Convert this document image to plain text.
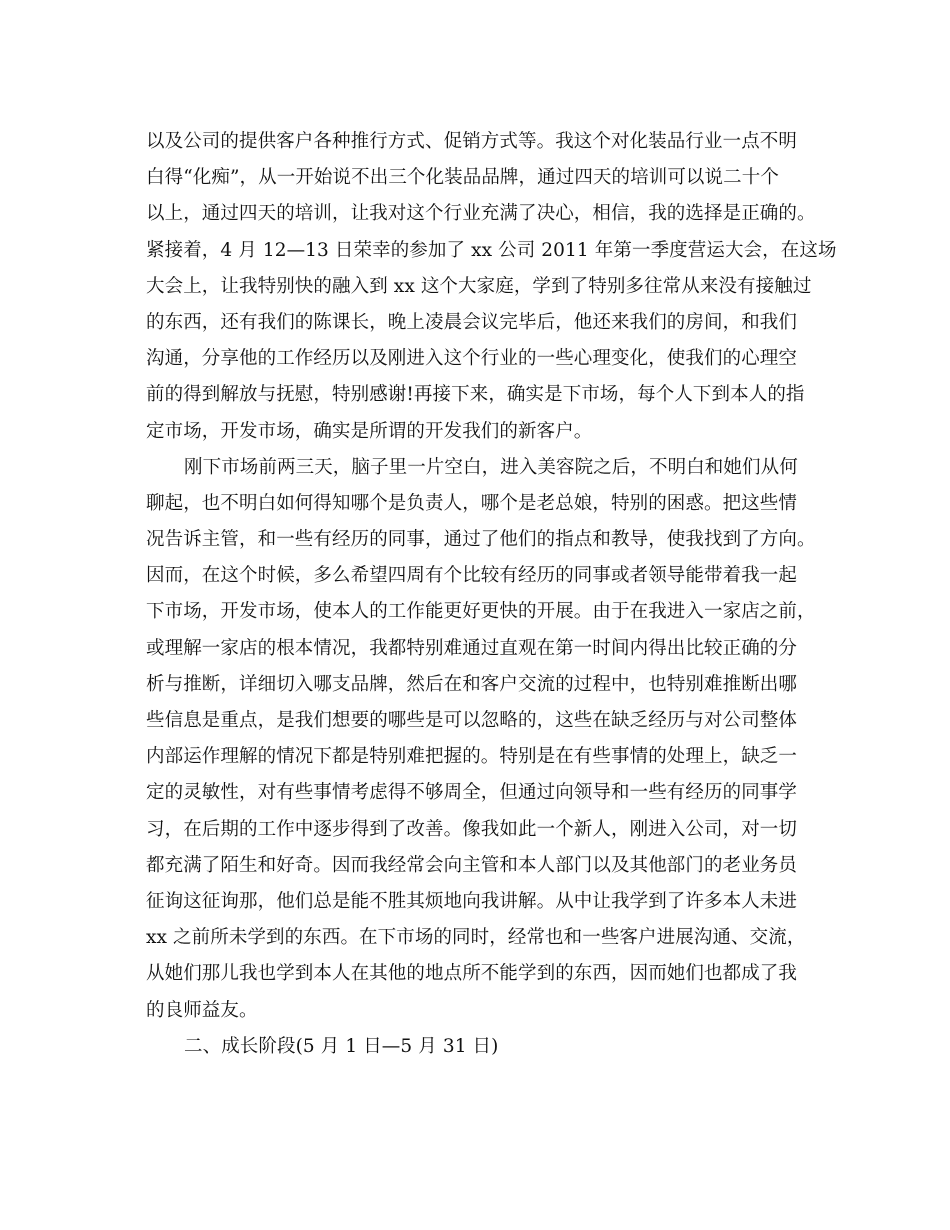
以及公司的提供客户各种推行方式、促销方式等。我这个对化装品行业一点不明
白得“化痴”，从一开始说不出三个化装品品牌，通过四天的培训可以说二十个
以上，通过四天的培训，让我对这个行业充满了决心，相信，我的选择是正确的。
紧接着，4 月 12—13 日荣幸的参加了 xx 公司 2011 年第一季度营运大会，在这场
大会上，让我特别快的融入到 xx 这个大家庭，学到了特别多往常从来没有接触过
的东西，还有我们的陈课长，晚上凌晨会议完毕后，他还来我们的房间，和我们
沟通，分享他的工作经历以及刚进入这个行业的一些心理变化，使我们的心理空
前的得到解放与抚慰，特别感谢!再接下来，确实是下市场，每个人下到本人的指
定市场，开发市场，确实是所谓的开发我们的新客户。
刚下市场前两三天，脑子里一片空白，进入美容院之后，不明白和她们从何
聊起，也不明白如何得知哪个是负责人，哪个是老总娘，特别的困惑。把这些情
况告诉主管，和一些有经历的同事，通过了他们的指点和教导，使我找到了方向。
因而，在这个时候，多么希望四周有个比较有经历的同事或者领导能带着我一起
下市场，开发市场，使本人的工作能更好更快的开展。由于在我进入一家店之前，
或理解一家店的根本情况，我都特别难通过直观在第一时间内得出比较正确的分
析与推断，详细切入哪支品牌，然后在和客户交流的过程中，也特别难推断出哪
些信息是重点，是我们想要的哪些是可以忽略的，这些在缺乏经历与对公司整体
内部运作理解的情况下都是特别难把握的。特别是在有些事情的处理上，缺乏一
定的灵敏性，对有些事情考虑得不够周全，但通过向领导和一些有经历的同事学
习，在后期的工作中逐步得到了改善。像我如此一个新人，刚进入公司，对一切
都充满了陌生和好奇。因而我经常会向主管和本人部门以及其他部门的老业务员
征询这征询那，他们总是能不胜其烦地向我讲解。从中让我学到了许多本人未进
xx 之前所未学到的东西。在下市场的同时，经常也和一些客户进展沟通、交流，
从她们那儿我也学到本人在其他的地点所不能学到的东西，因而她们也都成了我
的良师益友。
二、成长阶段(5 月 1 日—5 月 31 日)
